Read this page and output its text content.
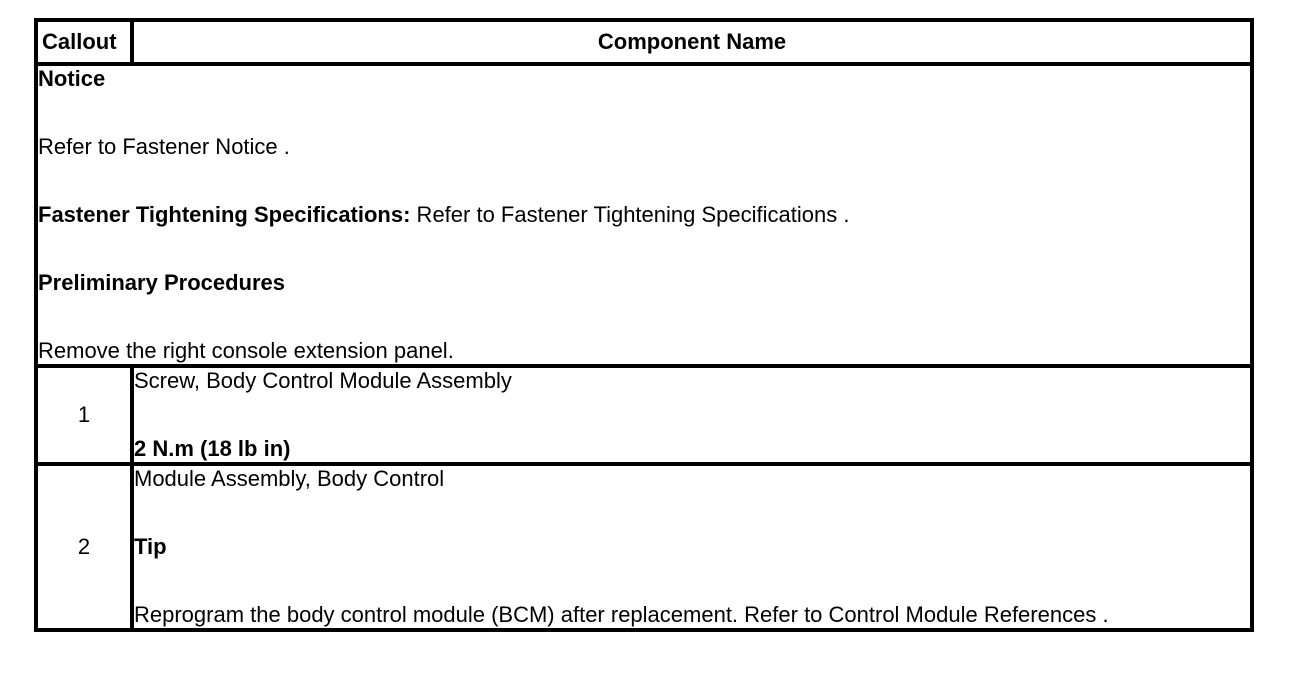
Callout	Component Name

Notice

Refer to Fastener Notice .

Fastener Tightening Specifications: Refer to Fastener Tightening Specifications .

Preliminary Procedures

Remove the right console extension panel.	

1	Screw, Body Control Module Assembly

2 N.m (18 lb in)

2	Module Assembly, Body Control

Tip

Reprogram the body control module (BCM) after replacement. Refer to Control Module References .
